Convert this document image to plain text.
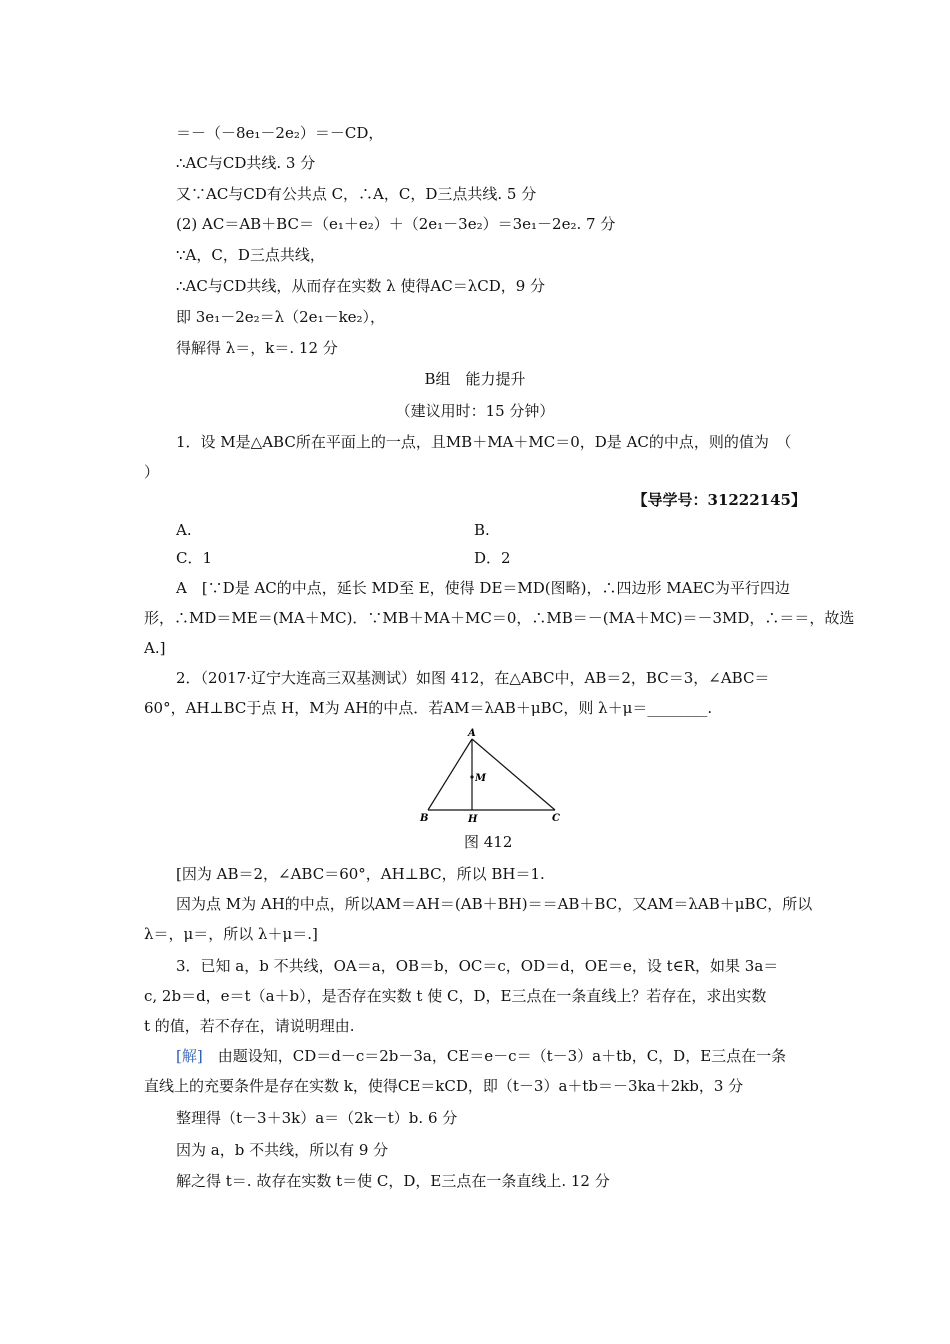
＝－（－8e₁－2e₂）＝－CD，
∴AC与CD共线. 3 分
又∵AC与CD有公共点 C，∴A，C，D三点共线. 5 分
(2) AC＝AB＋BC＝（e₁＋e₂）＋（2e₁－3e₂）＝3e₁－2e₂. 7 分
∵A，C，D三点共线，
∴AC与CD共线，从而存在实数 λ 使得AC＝λCD，9 分
即 3e₁－2e₂＝λ（2e₁－ke₂），
得解得 λ＝，k＝. 12 分
B组　能力提升
（建议用时：15 分钟）
1．设 M是△ABC所在平面上的一点，且MB＋MA＋MC＝0，D是 AC的中点，则的值为　（
）
【导学号：31222145】
A.	B.
C．1	D．2
A　[∵D是 AC的中点，延长 MD至 E，使得 DE＝MD(图略)，∴四边形 MAEC为平行四边
形，∴MD＝ME＝(MA＋MC)．∵MB＋MA＋MC＝0，∴MB＝－(MA＋MC)＝－3MD，∴＝＝，故选
A.]
2．（2017·辽宁大连高三双基测试）如图 412，在△ABC中，AB＝2，BC＝3，∠ABC＝
60°，AH⊥BC于点 H，M为 AH的中点．若AM＝λAB＋μBC，则 λ＋μ＝________.
A
B	C
H
M
图 412
[因为 AB＝2，∠ABC＝60°，AH⊥BC，所以 BH＝1.
因为点 M为 AH的中点，所以AM＝AH＝(AB＋BH)＝＝AB＋BC，又AM＝λAB＋μBC，所以
λ＝，μ＝，所以 λ＋μ＝.]
3．已知 a，b 不共线，OA＝a，OB＝b，OC＝c，OD＝d，OE＝e，设 t∈R，如果 3a＝
c, 2b＝d，e＝t（a＋b），是否存在实数 t 使 C，D，E三点在一条直线上？若存在，求出实数
t 的值，若不存在，请说明理由.
[解]　由题设知，CD＝d－c＝2b－3a，CE＝e－c＝（t－3）a＋tb，C，D，E三点在一条
直线上的充要条件是存在实数 k，使得CE＝kCD，即（t－3）a＋tb＝－3ka＋2kb，3 分
整理得（t－3＋3k）a＝（2k－t）b. 6 分
因为 a，b 不共线，所以有 9 分
解之得 t＝. 故存在实数 t＝使 C，D，E三点在一条直线上. 12 分
